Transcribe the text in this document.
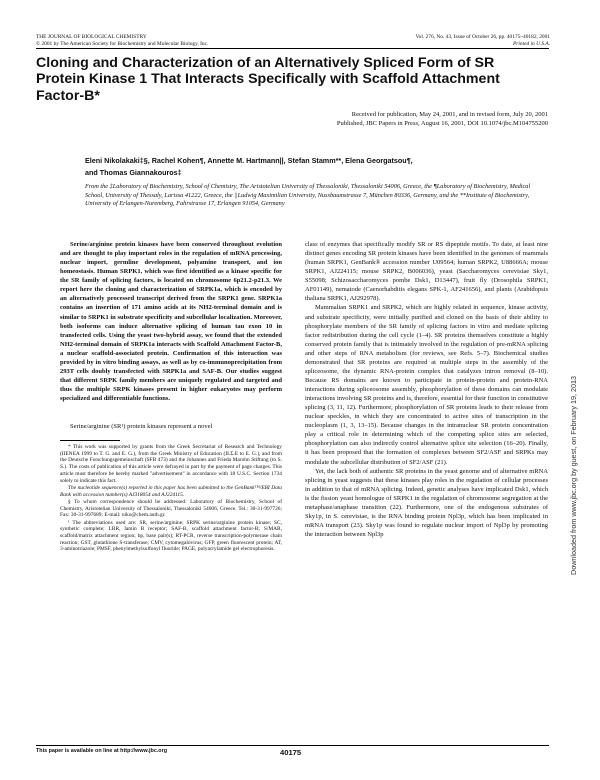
THE JOURNAL OF BIOLOGICAL CHEMISTRY
© 2001 by The American Society for Biochemistry and Molecular Biology, Inc.
Vol. 276, No. 43, Issue of October 26, pp. 40175–40182, 2001
Printed in U.S.A.
Cloning and Characterization of an Alternatively Spliced Form of SR Protein Kinase 1 That Interacts Specifically with Scaffold Attachment Factor-B*
Received for publication, May 24, 2001, and in revised form, July 20, 2001
Published, JBC Papers in Press, August 16, 2001, DOI 10.1074/jbc.M104755200
Eleni Nikolakaki‡§, Rachel Kohen¶, Annette M. Hartmann||, Stefan Stamm**, Elena Georgatsou¶,
and Thomas Giannakouros‡
From the ‡Laboratory of Biochemistry, School of Chemistry, The Aristotelian University of Thessaloniki, Thessaloniki 54006, Greece, the ¶Laboratory of Biochemistry, Medical School, University of Thessaly, Larissa 41222, Greece, the ||Ludwig Maximilian University, Nussbaumstrasse 7, München 80336, Germany, and the **Institute of Biochemistry, University of Erlangen-Nuremberg, Fahrstrasse 17, Erlangen 91054, Germany

Serine/arginine protein kinases have been conserved throughout evolution and are thought to play important roles in the regulation of mRNA processing, nuclear import, germline development, polyamine transport, and ion homeostasis. Human SRPK1, which was first identified as a kinase specific for the SR family of splicing factors, is located on chromosome 6p21.2-p21.3. We report here the cloning and characterization of SRPK1a, which is encoded by an alternatively processed transcript derived from the SRPK1 gene. SRPK1a contains an insertion of 171 amino acids at its NH2-terminal domain and is similar to SRPK1 in substrate specificity and subcellular localization. Moreover, both isoforms can induce alternative splicing of human tau exon 10 in transfected cells. Using the yeast two-hybrid assay, we found that the extended NH2-terminal domain of SRPK1a interacts with Scaffold Attachment Factor-B, a nuclear scaffold-associated protein. Confirmation of this interaction was provided by in vitro binding assays, as well as by co-immunoprecipitation from 293T cells doubly transfected with SRPK1a and SAF-B. Our studies suggest that different SRPK family members are uniquely regulated and targeted and thus the multiple SRPK kinases present in higher eukaryotes may perform specialized and differentiable functions.

Serine/arginine (SR¹) protein kinases represent a novel

* This work was supported by grants from the Greek Secretariat of Research and Technology (IIENEA 1999 to T. G. and E. G.), from the Greek Ministry of Education (II.Σ.E to E. G.), and from the Deutsche Forschungsgemeinschaft (SFB 473) and the Johannes and Frieda Marohn Stiftung (to S. S.). The costs of publication of this article were defrayed in part by the payment of page charges. This article must therefore be hereby marked "advertisement" in accordance with 18 U.S.C. Section 1734 solely to indicate this fact.

The nucleotide sequence(s) reported in this paper has been submitted to the GenBank™/EBI Data Bank with accession number(s) AJ318054 and AJ224115.

§ To whom correspondence should be addressed: Laboratory of Biochemistry, School of Chemistry, Aristotelian University of Thessaloniki, Thessaloniki 54006, Greece. Tel.: 30-31-997726; Fax: 30-31-997689; E-mail: niko@chem.auth.gr.

¹ The abbreviations used are: SR, serine/arginine; SRPK serine/arginine protein kinase; SC, synthetic complete; LBR, lamin B receptor; SAF-B, scaffold attachment factor-B; S/MAR, scaffold/matrix attachment region; bp, base pair(s); RT-PCR, reverse transcription-polymerase chain reaction; GST, glutathione S-transferase; CMV, cytomegalovirus; GFP, green fluorescent protein; AT, 3-aminotriazole; PMSF, phenylmethylsulfonyl fluoride; PAGE, polyacrylamide gel electrophoresis.

class of enzymes that specifically modify SR or RS dipeptide motifs. To date, at least nine distinct genes encoding SR protein kinases have been identified in the genomes of mammals (human SRPK1, GenBank® accession number U09564; human SRPK2, U88666A; mouse SRPK1, AJ224115; mouse SRPK2, B006036), yeast (Saccharomyces cerevisiae Sky1, S55098; Schizosaccharomyces pombe Dsk1, D13447), fruit fly (Drosophila SRPK1, AF01149), nematode (Caenorhabditis elegans SPK-1, AF241656), and plants (Arabidopsis thaliana SRPK1, AJ292978).

Mammalian SRPK1 and SRPK2, which are highly related in sequence, kinase activity, and substrate specificity, were initially purified and cloned on the basis of their ability to phosphorylate members of the SR family of splicing factors in vitro and mediate splicing factor redistribution during the cell cycle (1–4). SR proteins themselves constitute a highly conserved protein family that is intimately involved in the regulation of pre-mRNA splicing and other steps of RNA metabolism (for reviews, see Refs. 5–7). Biochemical studies demonstrated that SR proteins are required at multiple steps in the assembly of the spliceosome, the dynamic RNA-protein complex that catalyzes intron removal (8–10). Because RS domains are known to participate in protein-protein and protein-RNA interactions during spliceosome assembly, phosphorylation of these domains can modulate interactions involving SR proteins and is, therefore, essential for their function in constitutive splicing (3, 11, 12). Furthermore, phosphorylation of SR proteins leads to their release from nuclear speckles, in which they are concentrated to active sites of transcription in the nucleoplasm (1, 3, 13–15). Because changes in the intranuclear SR protein concentration play a critical role in determining which of the competing splice sites are selected, phosphorylation can also indirectly control alternative splice site selection (16–20). Finally, it has been proposed that the formation of complexes between SF2/ASF and SRPKs may modulate the subcellular distribution of SF2/ASF (21).

Yet, the lack both of authentic SR proteins in the yeast genome and of alternative mRNA splicing in yeast suggests that these kinases play roles in the regulation of cellular processes in addition to that of mRNA splicing. Indeed, genetic analyses have implicated Dsk1, which is the fission yeast homologue of SRPK1 in the regulation of chromosome segregation at the metaphase/anaphase transition (22). Furthermore, one of the endogenous substrates of Sky1p, in S. cerevisiae, is the RNA binding protein Npl3p, which has been implicated in mRNA transport (23). Sky1p was found to regulate nuclear import of Npl3p by promoting the interaction between Npl3p

This paper is available on line at http://www.jbc.org	40175
Downloaded from www.jbc.org by guest, on February 19, 2013
